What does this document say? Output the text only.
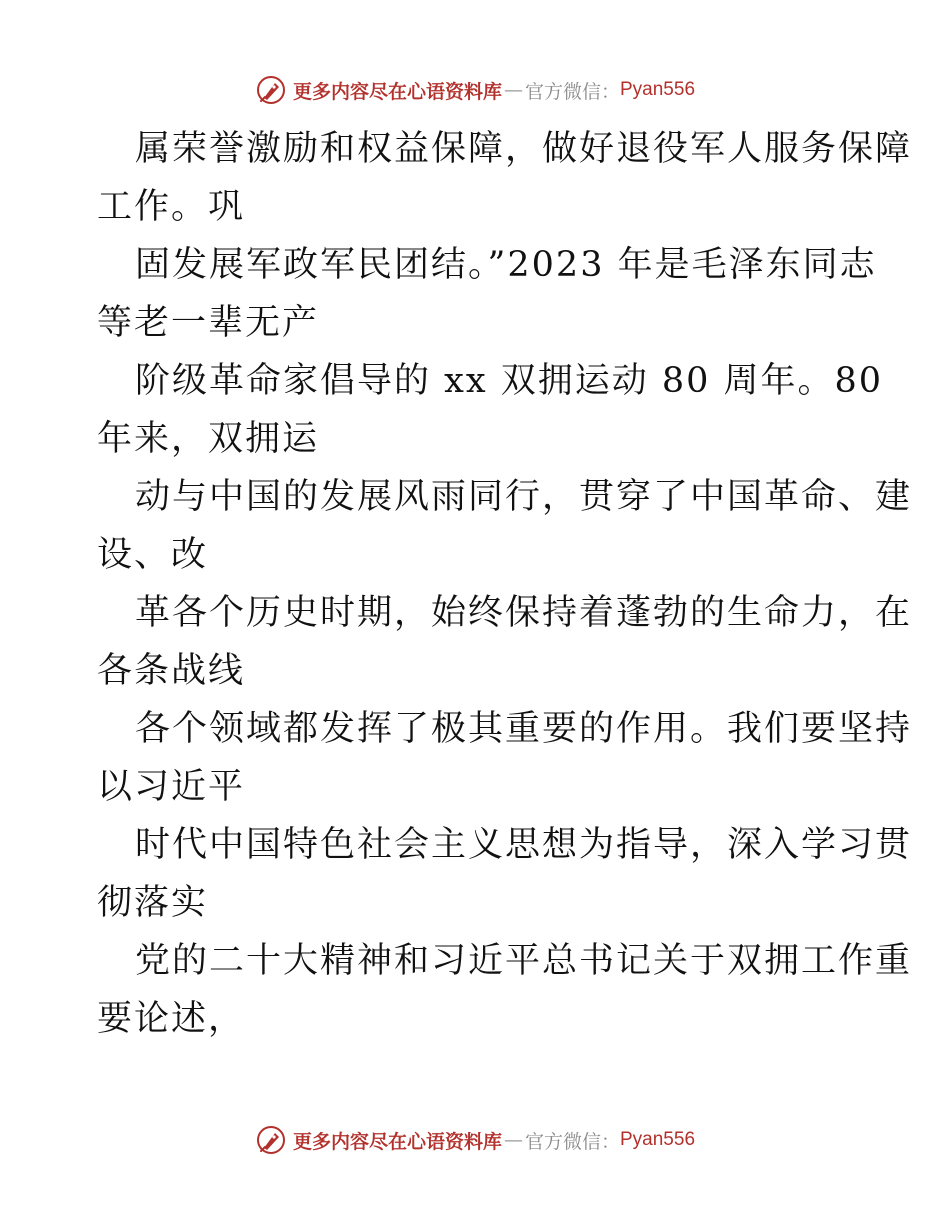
更多内容尽在心语资料库 — 官方微信： Pyan556
属荣誉激励和权益保障，做好退役军人服务保障
工作。巩
固发展军政军民团结。”2023 年是毛泽东同志
等老一辈无产
阶级革命家倡导的 xx 双拥运动 80 周年。80
年来，双拥运
动与中国的发展风雨同行，贯穿了中国革命、建
设、改
革各个历史时期，始终保持着蓬勃的生命力，在
各条战线
各个领域都发挥了极其重要的作用。我们要坚持
以习近平
时代中国特色社会主义思想为指导，深入学习贯
彻落实
党的二十大精神和习近平总书记关于双拥工作重
要论述，
更多内容尽在心语资料库 — 官方微信： Pyan556
